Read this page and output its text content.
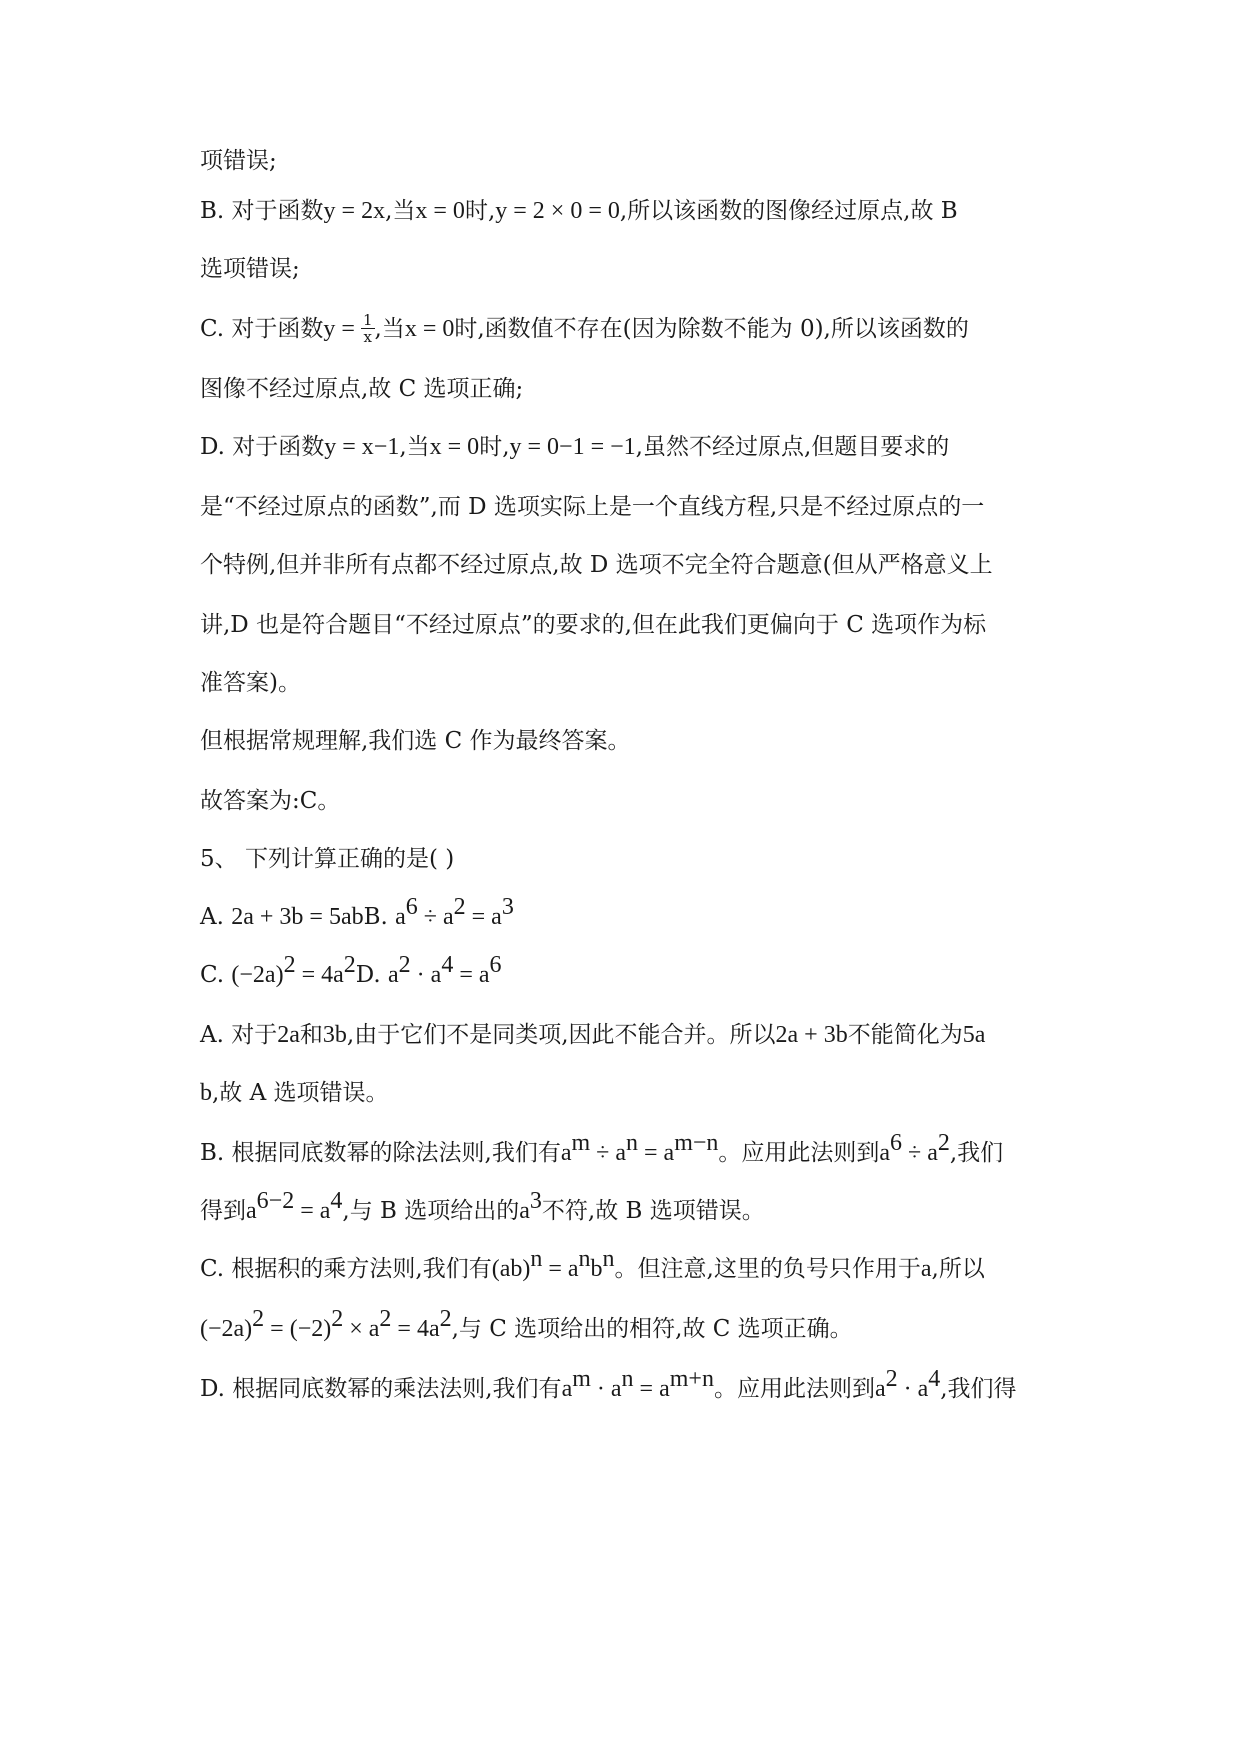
项错误;
B. 对于函数y = 2x,当x = 0时,y = 2 × 0 = 0,所以该函数的图像经过原点,故 B
选项错误;
C. 对于函数$y = \frac{1}{x}$ ,当x = 0时,函数值不存在(因为除数不能为 0),所以该函数的
图像不经过原点,故 C 选项正确;
D. 对于函数y = x−1,当x = 0时,y = 0−1 = −1,虽然不经过原点,但题目要求的
是“不经过原点的函数”,而 D 选项实际上是一个直线方程,只是不经过原点的一
个特例,但并非所有点都不经过原点,故 D 选项不完全符合题意(但从严格意义上
讲,D 也是符合题目“不经过原点”的要求的,但在此我们更偏向于 C 选项作为标
准答案)。
但根据常规理解,我们选 C 作为最终答案。
故答案为:C。
5、 下列计算正确的是( )
A. 2a + 3b = 5abB. $a^6 \div a^2 = a^3$
C. $(-2a)^2 = 4a^2D$. $a^2 \cdot a^4 = a^6$
A. 对于2a和3b,由于它们不是同类项,因此不能合并。所以2a + 3b不能简化为5a
b,故 A 选项错误。
B. 根据同底数幂的除法法则,我们有$a^m \div a^n = a^{m-n}$。应用此法则到$a^6 \div a^2$,我们
得到$a^{6-2} = a^4$,与 B 选项给出的$a^3$不符,故 B 选项错误。
C. 根据积的乘方法则,我们有$(ab)^n = a^nb^n$。但注意,这里的负号只作用于a,所以
$(-2a)^2 = (-2)^2 \times a^2 = 4a^2$,与 C 选项给出的相符,故 C 选项正确。
D. 根据同底数幂的乘法法则,我们有$a^m \cdot a^n = a^{m+n}$。应用此法则到$a^2 \cdot a^4$,我们得
